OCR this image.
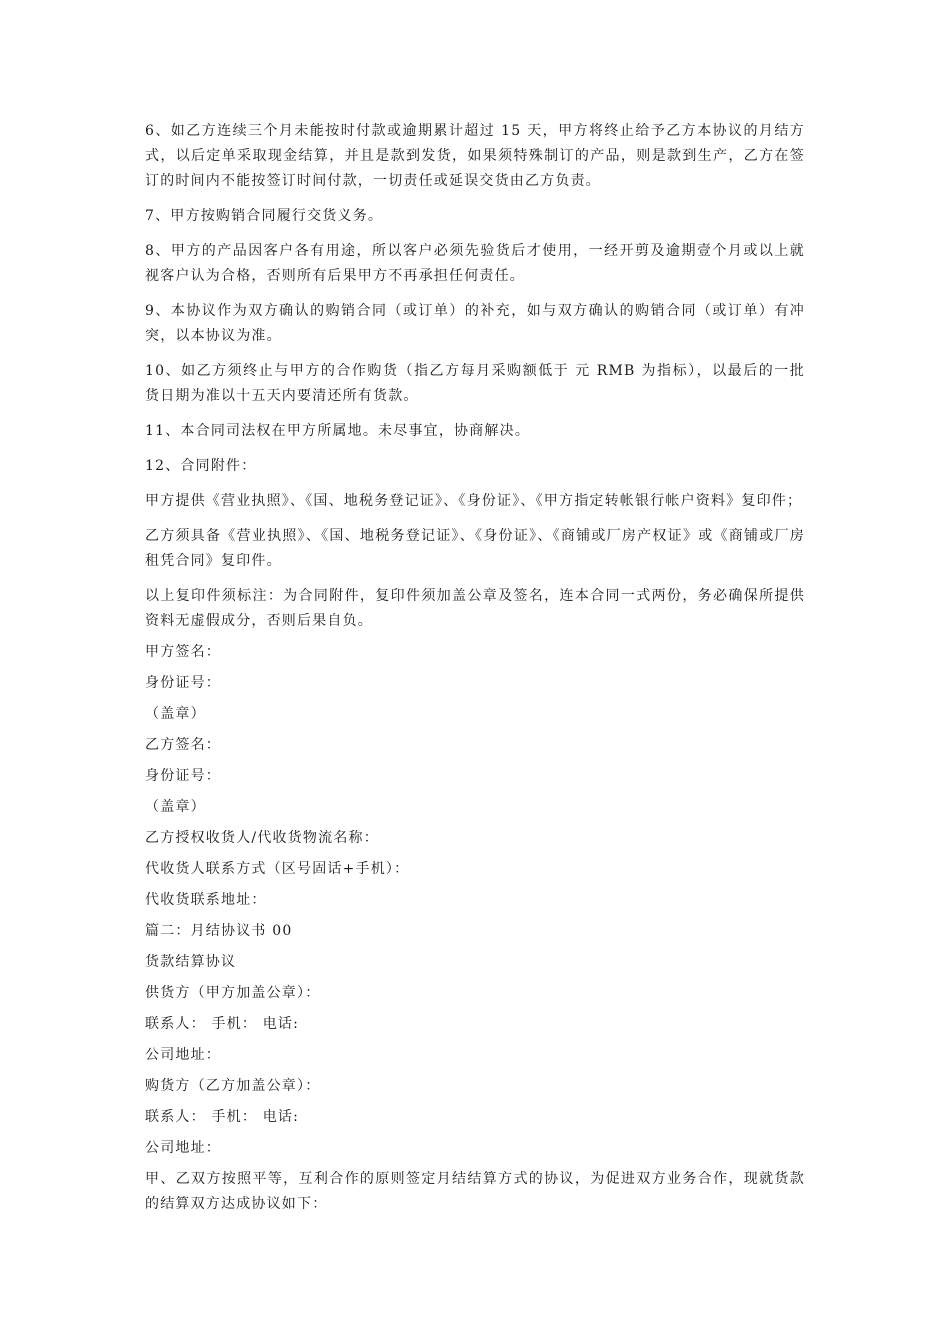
6、如乙方连续三个月未能按时付款或逾期累计超过 15 天，甲方将终止给予乙方本协议的月结方式，以后定单采取现金结算，并且是款到发货，如果须特殊制订的产品，则是款到生产，乙方在签订的时间内不能按签订时间付款，一切责任或延误交货由乙方负责。

7、甲方按购销合同履行交货义务。

8、甲方的产品因客户各有用途，所以客户必须先验货后才使用，一经开剪及逾期壹个月或以上就视客户认为合格，否则所有后果甲方不再承担任何责任。

9、本协议作为双方确认的购销合同（或订单）的补充，如与双方确认的购销合同（或订单）有冲突，以本协议为准。

10、如乙方须终止与甲方的合作购货（指乙方每月采购额低于 元 RMB 为指标），以最后的一批货日期为准以十五天内要清还所有货款。

11、本合同司法权在甲方所属地。未尽事宜，协商解决。

12、合同附件：

甲方提供《营业执照》、《国、地税务登记证》、《身份证》、《甲方指定转帐银行帐户资料》复印件；

乙方须具备《营业执照》、《国、地税务登记证》、《身份证》、《商铺或厂房产权证》或《商铺或厂房租凭合同》复印件。

以上复印件须标注：为合同附件，复印件须加盖公章及签名，连本合同一式两份，务必确保所提供资料无虚假成分，否则后果自负。

甲方签名：

身份证号：

（盖章）

乙方签名：

身份证号：

（盖章）

乙方授权收货人/代收货物流名称：

代收货人联系方式（区号固话+手机）：

代收货联系地址：

篇二：月结协议书 00

货款结算协议

供货方（甲方加盖公章）：

联系人： 手机： 电话:

公司地址：

购货方（乙方加盖公章）：

联系人： 手机： 电话:

公司地址：

甲、乙双方按照平等，互利合作的原则签定月结结算方式的协议，为促进双方业务合作，现就货款的结算双方达成协议如下：
